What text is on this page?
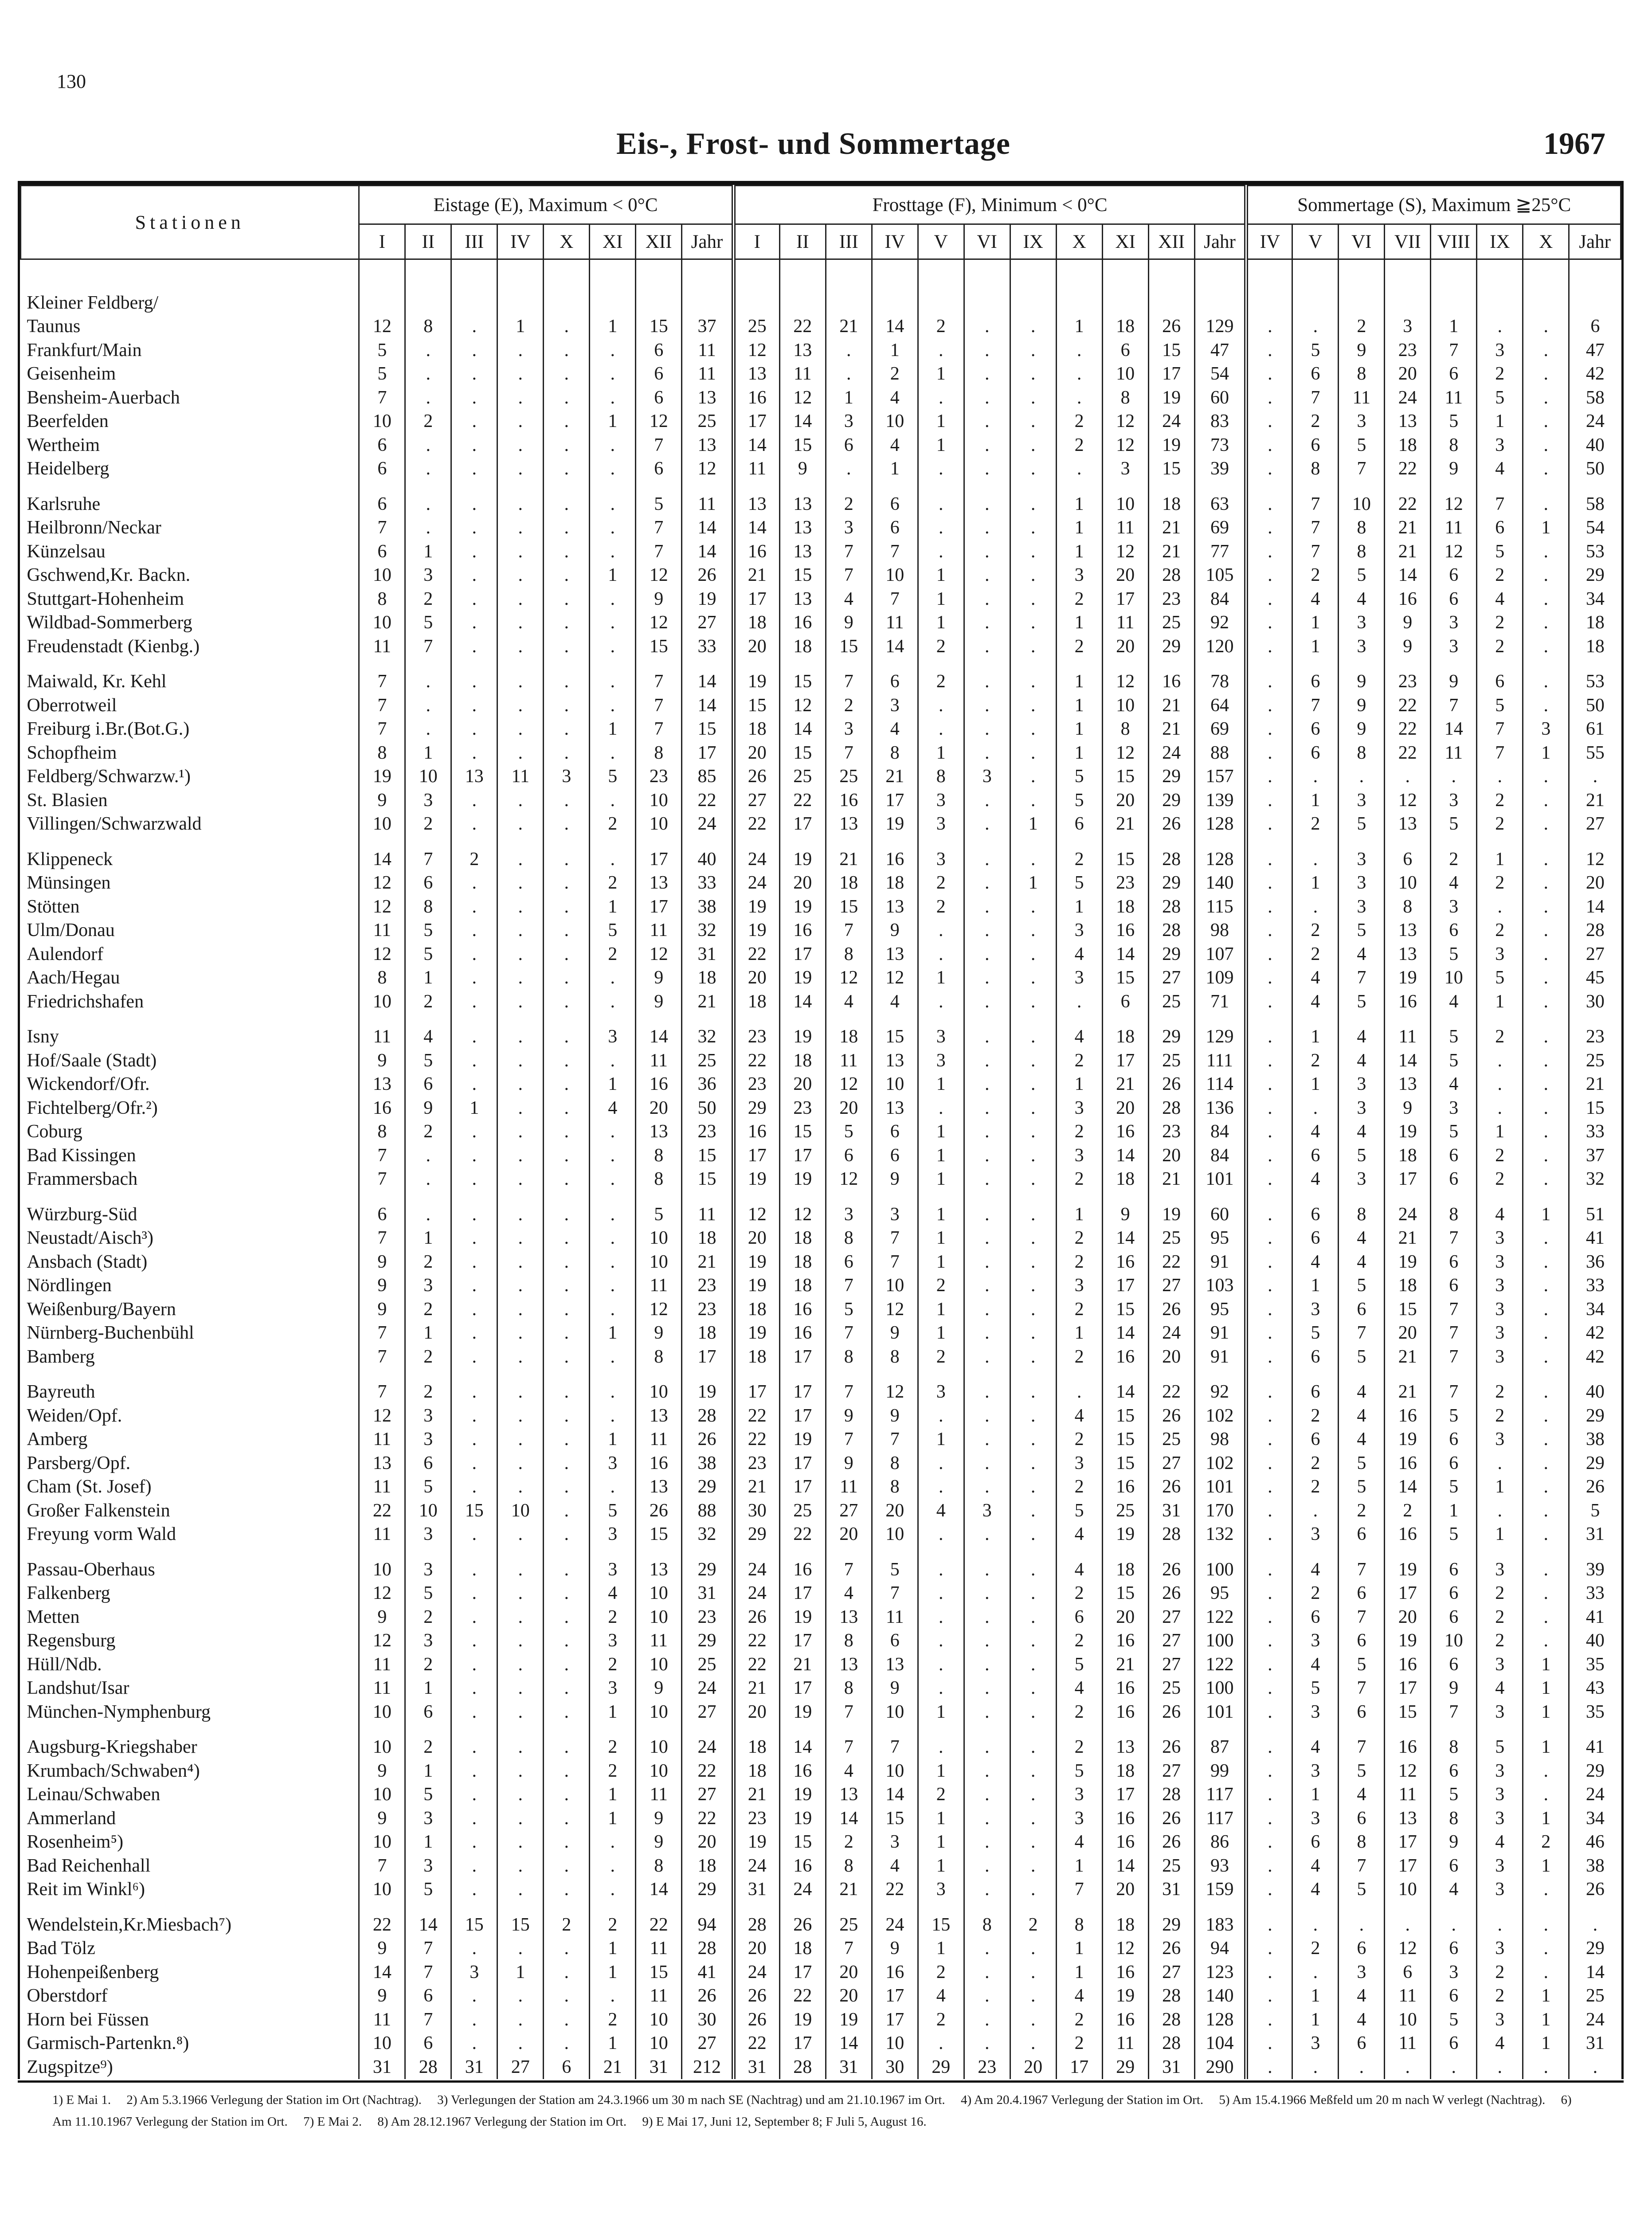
130
Eis-, Frost- und Sommertage	1967
Stationen	Eistage (E), Maximum < 0°C								Frosttage (F), Minimum < 0°C											Sommertage (S), Maximum ≧25°C							
	I	II	III	IV	X	XI	XII	Jahr	I	II	III	IV	V	VI	IX	X	XI	XII	Jahr	IV	V	VI	VII	VIII	IX	X	Jahr

Kleiner Feldberg/																											
Taunus	12	8	.	1	.	1	15	37	25	22	21	14	2	.	.	1	18	26	129	.	.	2	3	1	.	.	6
Frankfurt/Main	5	.	.	.	.	.	6	11	12	13	.	1	.	.	.	.	6	15	47	.	5	9	23	7	3	.	47
Geisenheim	5	.	.	.	.	.	6	11	13	11	.	2	1	.	.	.	10	17	54	.	6	8	20	6	2	.	42
Bensheim-Auerbach	7	.	.	.	.	.	6	13	16	12	1	4	.	.	.	.	8	19	60	.	7	11	24	11	5	.	58
Beerfelden	10	2	.	.	.	1	12	25	17	14	3	10	1	.	.	2	12	24	83	.	2	3	13	5	1	.	24
Wertheim	6	.	.	.	.	.	7	13	14	15	6	4	1	.	.	2	12	19	73	.	6	5	18	8	3	.	40
Heidelberg	6	.	.	.	.	.	6	12	11	9	.	1	.	.	.	.	3	15	39	.	8	7	22	9	4	.	50

Karlsruhe	6	.	.	.	.	.	5	11	13	13	2	6	.	.	.	1	10	18	63	.	7	10	22	12	7	.	58
Heilbronn/Neckar	7	.	.	.	.	.	7	14	14	13	3	6	.	.	.	1	11	21	69	.	7	8	21	11	6	1	54
Künzelsau	6	1	.	.	.	.	7	14	16	13	7	7	.	.	.	1	12	21	77	.	7	8	21	12	5	.	53
Gschwend,Kr. Backn.	10	3	.	.	.	1	12	26	21	15	7	10	1	.	.	3	20	28	105	.	2	5	14	6	2	.	29
Stuttgart-Hohenheim	8	2	.	.	.	.	9	19	17	13	4	7	1	.	.	2	17	23	84	.	4	4	16	6	4	.	34
Wildbad-Sommerberg	10	5	.	.	.	.	12	27	18	16	9	11	1	.	.	1	11	25	92	.	1	3	9	3	2	.	18
Freudenstadt (Kienbg.)	11	7	.	.	.	.	15	33	20	18	15	14	2	.	.	2	20	29	120	.	1	3	9	3	2	.	18

Maiwald, Kr. Kehl	7	.	.	.	.	.	7	14	19	15	7	6	2	.	.	1	12	16	78	.	6	9	23	9	6	.	53
Oberrotweil	7	.	.	.	.	.	7	14	15	12	2	3	.	.	.	1	10	21	64	.	7	9	22	7	5	.	50
Freiburg i.Br.(Bot.G.)	7	.	.	.	.	1	7	15	18	14	3	4	.	.	.	1	8	21	69	.	6	9	22	14	7	3	61
Schopfheim	8	1	.	.	.	.	8	17	20	15	7	8	1	.	.	1	12	24	88	.	6	8	22	11	7	1	55
Feldberg/Schwarzw.¹)	19	10	13	11	3	5	23	85	26	25	25	21	8	3	.	5	15	29	157	.	.	.	.	.	.	.	.
St. Blasien	9	3	.	.	.	.	10	22	27	22	16	17	3	.	.	5	20	29	139	.	1	3	12	3	2	.	21
Villingen/Schwarzwald	10	2	.	.	.	2	10	24	22	17	13	19	3	.	1	6	21	26	128	.	2	5	13	5	2	.	27

Klippeneck	14	7	2	.	.	.	17	40	24	19	21	16	3	.	.	2	15	28	128	.	.	3	6	2	1	.	12
Münsingen	12	6	.	.	.	2	13	33	24	20	18	18	2	.	1	5	23	29	140	.	1	3	10	4	2	.	20
Stötten	12	8	.	.	.	1	17	38	19	19	15	13	2	.	.	1	18	28	115	.	.	3	8	3	.	.	14
Ulm/Donau	11	5	.	.	.	5	11	32	19	16	7	9	.	.	.	3	16	28	98	.	2	5	13	6	2	.	28
Aulendorf	12	5	.	.	.	2	12	31	22	17	8	13	.	.	.	4	14	29	107	.	2	4	13	5	3	.	27
Aach/Hegau	8	1	.	.	.	.	9	18	20	19	12	12	1	.	.	3	15	27	109	.	4	7	19	10	5	.	45
Friedrichshafen	10	2	.	.	.	.	9	21	18	14	4	4	.	.	.	.	6	25	71	.	4	5	16	4	1	.	30

Isny	11	4	.	.	.	3	14	32	23	19	18	15	3	.	.	4	18	29	129	.	1	4	11	5	2	.	23
Hof/Saale (Stadt)	9	5	.	.	.	.	11	25	22	18	11	13	3	.	.	2	17	25	111	.	2	4	14	5	.	.	25
Wickendorf/Ofr.	13	6	.	.	.	1	16	36	23	20	12	10	1	.	.	1	21	26	114	.	1	3	13	4	.	.	21
Fichtelberg/Ofr.²)	16	9	1	.	.	4	20	50	29	23	20	13	.	.	.	3	20	28	136	.	.	3	9	3	.	.	15
Coburg	8	2	.	.	.	.	13	23	16	15	5	6	1	.	.	2	16	23	84	.	4	4	19	5	1	.	33
Bad Kissingen	7	.	.	.	.	.	8	15	17	17	6	6	1	.	.	3	14	20	84	.	6	5	18	6	2	.	37
Frammersbach	7	.	.	.	.	.	8	15	19	19	12	9	1	.	.	2	18	21	101	.	4	3	17	6	2	.	32

Würzburg-Süd	6	.	.	.	.	.	5	11	12	12	3	3	1	.	.	1	9	19	60	.	6	8	24	8	4	1	51
Neustadt/Aisch³)	7	1	.	.	.	.	10	18	20	18	8	7	1	.	.	2	14	25	95	.	6	4	21	7	3	.	41
Ansbach (Stadt)	9	2	.	.	.	.	10	21	19	18	6	7	1	.	.	2	16	22	91	.	4	4	19	6	3	.	36
Nördlingen	9	3	.	.	.	.	11	23	19	18	7	10	2	.	.	3	17	27	103	.	1	5	18	6	3	.	33
Weißenburg/Bayern	9	2	.	.	.	.	12	23	18	16	5	12	1	.	.	2	15	26	95	.	3	6	15	7	3	.	34
Nürnberg-Buchenbühl	7	1	.	.	.	1	9	18	19	16	7	9	1	.	.	1	14	24	91	.	5	7	20	7	3	.	42
Bamberg	7	2	.	.	.	.	8	17	18	17	8	8	2	.	.	2	16	20	91	.	6	5	21	7	3	.	42

Bayreuth	7	2	.	.	.	.	10	19	17	17	7	12	3	.	.	.	14	22	92	.	6	4	21	7	2	.	40
Weiden/Opf.	12	3	.	.	.	.	13	28	22	17	9	9	.	.	.	4	15	26	102	.	2	4	16	5	2	.	29
Amberg	11	3	.	.	.	1	11	26	22	19	7	7	1	.	.	2	15	25	98	.	6	4	19	6	3	.	38
Parsberg/Opf.	13	6	.	.	.	3	16	38	23	17	9	8	.	.	.	3	15	27	102	.	2	5	16	6	.	.	29
Cham (St. Josef)	11	5	.	.	.	.	13	29	21	17	11	8	.	.	.	2	16	26	101	.	2	5	14	5	1	.	26
Großer Falkenstein	22	10	15	10	.	5	26	88	30	25	27	20	4	3	.	5	25	31	170	.	.	2	2	1	.	.	5
Freyung vorm Wald	11	3	.	.	.	3	15	32	29	22	20	10	.	.	.	4	19	28	132	.	3	6	16	5	1	.	31

Passau-Oberhaus	10	3	.	.	.	3	13	29	24	16	7	5	.	.	.	4	18	26	100	.	4	7	19	6	3	.	39
Falkenberg	12	5	.	.	.	4	10	31	24	17	4	7	.	.	.	2	15	26	95	.	2	6	17	6	2	.	33
Metten	9	2	.	.	.	2	10	23	26	19	13	11	.	.	.	6	20	27	122	.	6	7	20	6	2	.	41
Regensburg	12	3	.	.	.	3	11	29	22	17	8	6	.	.	.	2	16	27	100	.	3	6	19	10	2	.	40
Hüll/Ndb.	11	2	.	.	.	2	10	25	22	21	13	13	.	.	.	5	21	27	122	.	4	5	16	6	3	1	35
Landshut/Isar	11	1	.	.	.	3	9	24	21	17	8	9	.	.	.	4	16	25	100	.	5	7	17	9	4	1	43
München-Nymphenburg	10	6	.	.	.	1	10	27	20	19	7	10	1	.	.	2	16	26	101	.	3	6	15	7	3	1	35

Augsburg-Kriegshaber	10	2	.	.	.	2	10	24	18	14	7	7	.	.	.	2	13	26	87	.	4	7	16	8	5	1	41
Krumbach/Schwaben⁴)	9	1	.	.	.	2	10	22	18	16	4	10	1	.	.	5	18	27	99	.	3	5	12	6	3	.	29
Leinau/Schwaben	10	5	.	.	.	1	11	27	21	19	13	14	2	.	.	3	17	28	117	.	1	4	11	5	3	.	24
Ammerland	9	3	.	.	.	1	9	22	23	19	14	15	1	.	.	3	16	26	117	.	3	6	13	8	3	1	34
Rosenheim⁵)	10	1	.	.	.	.	9	20	19	15	2	3	1	.	.	4	16	26	86	.	6	8	17	9	4	2	46
Bad Reichenhall	7	3	.	.	.	.	8	18	24	16	8	4	1	.	.	1	14	25	93	.	4	7	17	6	3	1	38
Reit im Winkl⁶)	10	5	.	.	.	.	14	29	31	24	21	22	3	.	.	7	20	31	159	.	4	5	10	4	3	.	26

Wendelstein,Kr.Miesbach⁷)	22	14	15	15	2	2	22	94	28	26	25	24	15	8	2	8	18	29	183	.	.	.	.	.	.	.	.
Bad Tölz	9	7	.	.	.	1	11	28	20	18	7	9	1	.	.	1	12	26	94	.	2	6	12	6	3	.	29
Hohenpeißenberg	14	7	3	1	.	1	15	41	24	17	20	16	2	.	.	1	16	27	123	.	.	3	6	3	2	.	14
Oberstdorf	9	6	.	.	.	.	11	26	26	22	20	17	4	.	.	4	19	28	140	.	1	4	11	6	2	1	25
Horn bei Füssen	11	7	.	.	.	2	10	30	26	19	19	17	2	.	.	2	16	28	128	.	1	4	10	5	3	1	24
Garmisch-Partenkn.⁸)	10	6	.	.	.	1	10	27	22	17	14	10	.	.	.	2	11	28	104	.	3	6	11	6	4	1	31
Zugspitze⁹)	31	28	31	27	6	21	31	212	31	28	31	30	29	23	20	17	29	31	290	.	.	.	.	.	.	.	.
1) E Mai 1. 2) Am 5.3.1966 Verlegung der Station im Ort (Nachtrag). 3) Verlegungen der Station am 24.3.1966 um 30 m nach SE (Nachtrag) und am 21.10.1967 im Ort. 4) Am 20.4.1967 Verlegung der Station im Ort. 5) Am 15.4.1966 Meßfeld um 20 m nach W verlegt (Nachtrag). 6) Am 11.10.1967 Verlegung der Station im Ort. 7) E Mai 2. 8) Am 28.12.1967 Verlegung der Station im Ort. 9) E Mai 17, Juni 12, September 8; F Juli 5, August 16.
